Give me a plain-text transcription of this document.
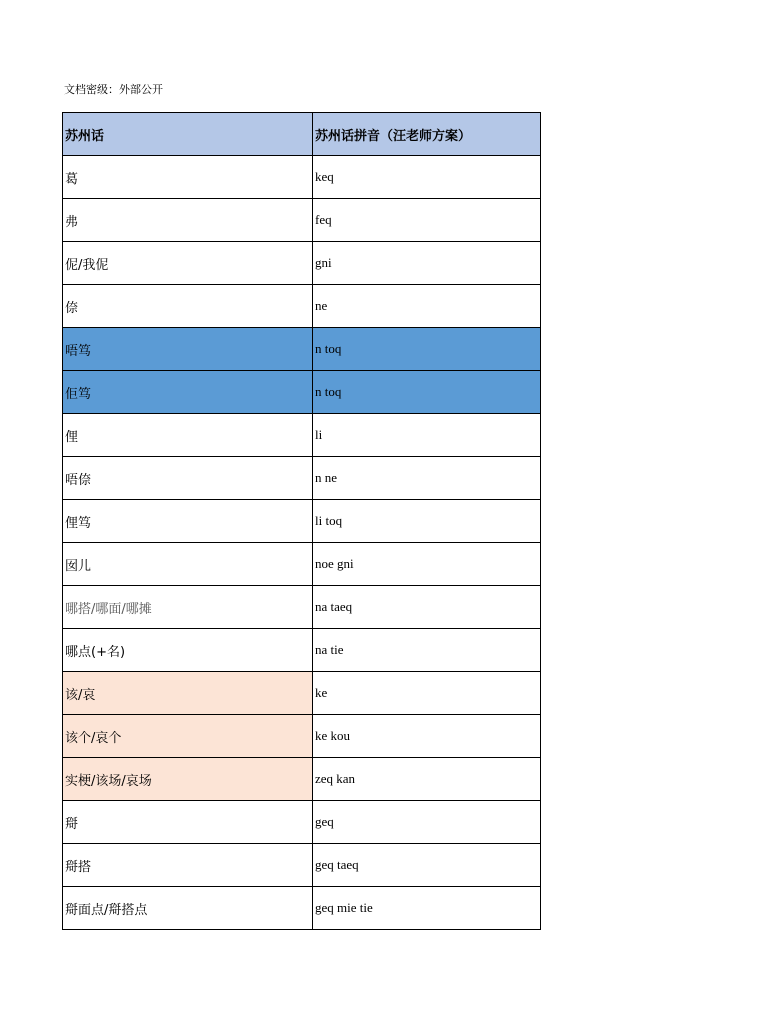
文档密级：外部公开
苏州话	苏州话拼音（汪老师方案）
葛	keq
弗	feq
伲/我伲	gni
倷	ne
唔笃	n toq
佢笃	n toq
俚	li
唔倷	n ne
俚笃	li toq
囡儿	noe gni
哪搭/哪面/哪摊	na taeq
哪点(+名)	na tie
该/哀	ke
该个/哀个	ke kou
实梗/该场/哀场	zeq kan
搿	geq
搿搭	geq taeq
搿面点/搿搭点	geq mie tie
